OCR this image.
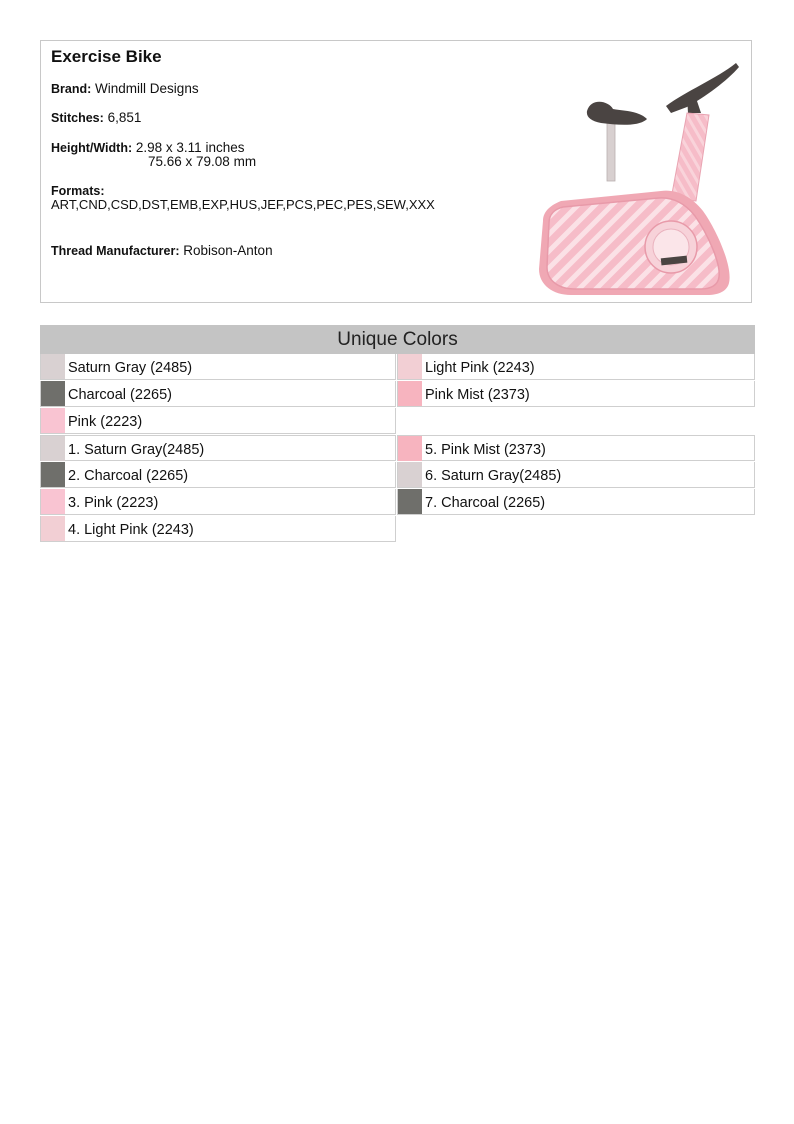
Exercise Bike
Brand: Windmill Designs
Stitches: 6,851
Height/Width: 2.98 x 3.11 inches
75.66 x 79.08 mm
Formats:
ART,CND,CSD,DST,EMB,EXP,HUS,JEF,PCS,PEC,PES,SEW,XXX
Thread Manufacturer: Robison-Anton
Unique Colors
Saturn Gray (2485)
Charcoal (2265)
Pink (2223)
Light Pink (2243)
Pink Mist (2373)
1. Saturn Gray(2485)
2. Charcoal (2265)
3. Pink (2223)
4. Light Pink (2243)
5. Pink Mist (2373)
6. Saturn Gray(2485)
7. Charcoal (2265)
